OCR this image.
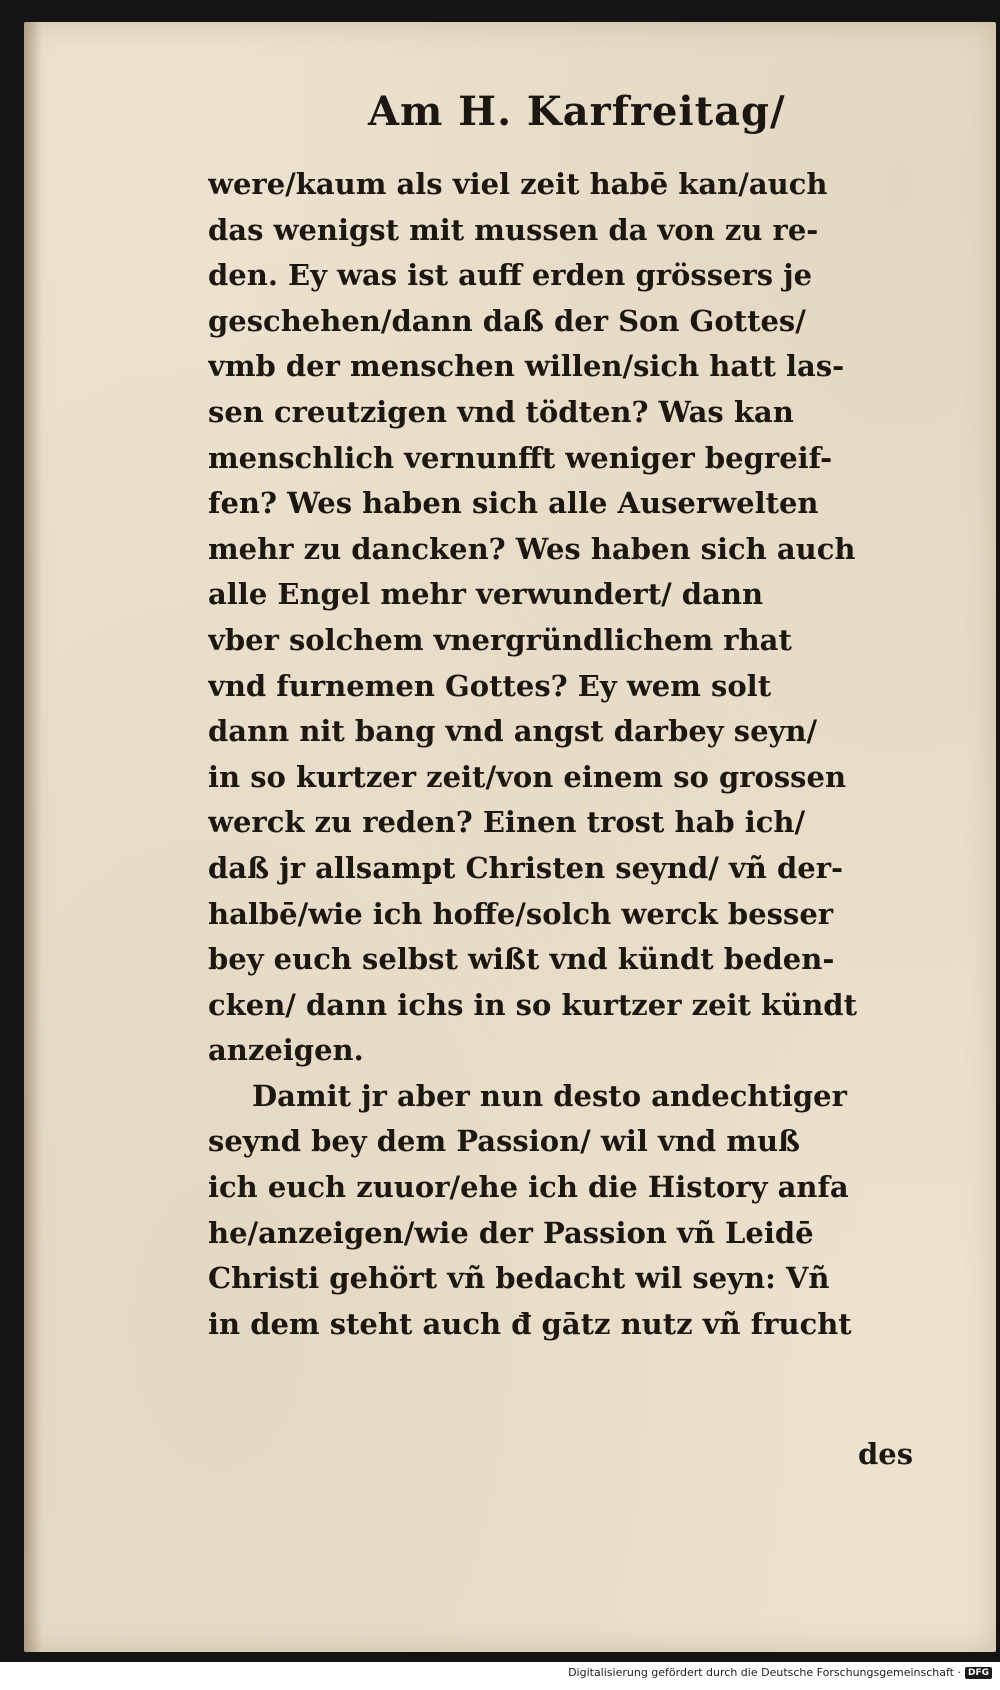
Am H. Karfreitag/
were/kaum als viel zeit habē kan/auch
das wenigst mit mussen da von zu re-
den. Ey was ist auff erden grössers je
geschehen/dann daß der Son Gottes/
vmb der menschen willen/sich hatt las-
sen creutzigen vnd tödten? Was kan
menschlich vernunfft weniger begreif-
fen? Wes haben sich alle Auserwelten
mehr zu dancken? Wes haben sich auch
alle Engel mehr verwundert/ dann
vber solchem vnergründlichem rhat
vnd furnemen Gottes? Ey wem solt
dann nit bang vnd angst darbey seyn/
in so kurtzer zeit/von einem so grossen
werck zu reden? Einen trost hab ich/
daß jr allsampt Christen seynd/ vñ der-
halbē/wie ich hoffe/solch werck besser
bey euch selbst wißt vnd kündt beden-
cken/ dann ichs in so kurtzer zeit kündt
anzeigen.
Damit jr aber nun desto andechtiger
seynd bey dem Passion/ wil vnd muß
ich euch zuuor/ehe ich die History anfa
he/anzeigen/wie der Passion vñ Leidē
Christi gehört vñ bedacht wil seyn: Vñ
in dem steht auch đ gātz nutz vñ frucht
des
Digitalisierung gefördert durch die Deutsche Forschungsgemeinschaft · DFG
